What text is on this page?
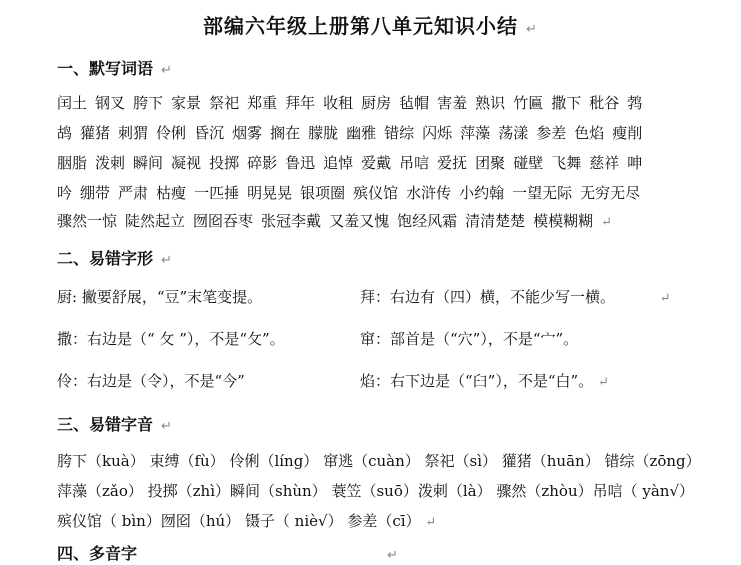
部编六年级上册第八单元知识小结 ↵
一、默写词语 ↵
闰土 钢叉 胯下 家景 祭祀 郑重 拜年 收租 厨房 毡帽 害羞 熟识 竹匾 撒下 秕谷 鹁
鸪 獾猪 刺猬 伶俐 昏沉 烟雾 搁在 朦胧 幽雅 错综 闪烁 萍藻 荡漾 参差 色焰 瘦削
胭脂 泼刺 瞬间 凝视 投掷 碎影 鲁迅 追悼 爱戴 吊唁 爱抚 团聚 碰壁 飞舞 慈祥 呻
吟 绷带 严肃 枯瘦 一匹捶 明晃晃 银项圈 殡仪馆 水浒传 小约翰 一望无际 无穷无尽
骤然一惊 陡然起立 囫囵吞枣 张冠李戴 又羞又愧 饱经风霜 清清楚楚 模模糊糊 ↵
二、易错字形 ↵
厨: 撇要舒展，“豆”末笔变提。	拜：右边有（四）横，不能少写一横。	↵
撒：右边是（“ 攵 ”），不是“攵”。	窜：部首是（“穴”），不是“宀”。
伶：右边是（令），不是“今”	焰：右下边是（“臼”），不是“白”。 ↵
三、易错字音 ↵
胯下（kuà） 束缚（fù） 伶俐（líng） 窜逃（cuàn） 祭祀（sì） 獾猪（huān） 错综（zōng）
萍藻（zǎo） 投掷（zhì）瞬间（shùn） 蓑笠（suō）泼刺（là） 骤然（zhòu）吊唁（ yàn√）
殡仪馆（ bìn）囫囵（hú） 镊子（ niè√） 参差（cī） ↵
四、多音字	↵
